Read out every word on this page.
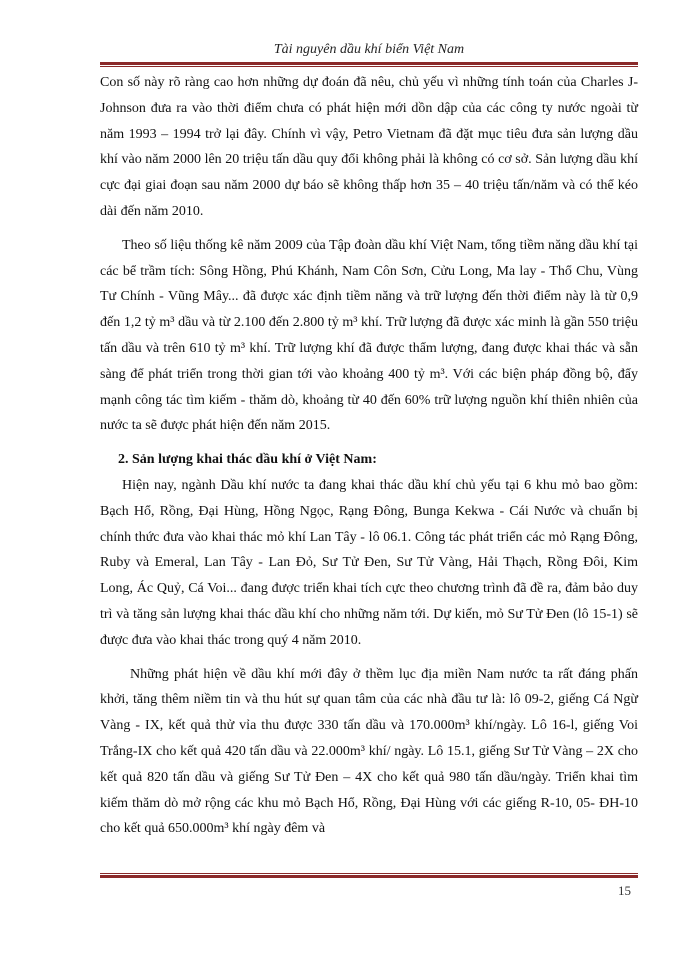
Tài nguyên dầu khí biển Việt Nam

Con số này rõ ràng cao hơn những dự đoán đã nêu, chủ yếu vì những tính toán của Charles J-Johnson đưa ra vào thời điểm chưa có phát hiện mới dồn dập của các công ty nước ngoài từ năm 1993 – 1994 trở lại đây. Chính vì vậy, Petro Vietnam đã đặt mục tiêu đưa sản lượng dầu khí vào năm 2000 lên 20 triệu tấn dầu quy đổi không phải là không có cơ sở. Sản lượng dầu khí cực đại giai đoạn sau năm 2000 dự báo sẽ không thấp hơn 35 – 40 triệu tấn/năm và có thể kéo dài đến năm 2010.

Theo số liệu thống kê năm 2009 của Tập đoàn dầu khí Việt Nam, tổng tiềm năng dầu khí tại các bể trầm tích: Sông Hồng, Phú Khánh, Nam Côn Sơn, Cửu Long, Ma lay - Thổ Chu, Vùng Tư Chính - Vũng Mây... đã được xác định tiềm năng và trữ lượng đến thời điểm này là từ 0,9 đến 1,2 tỷ m³ dầu và từ 2.100 đến 2.800 tỷ m³ khí. Trữ lượng đã được xác minh là gần 550 triệu tấn dầu và trên 610 tỷ m³ khí. Trữ lượng khí đã được thẩm lượng, đang được khai thác và sẵn sàng để phát triển trong thời gian tới vào khoảng 400 tỷ m³. Với các biện pháp đồng bộ, đẩy mạnh công tác tìm kiếm - thăm dò, khoảng từ 40 đến 60% trữ lượng nguồn khí thiên nhiên của nước ta sẽ được phát hiện đến năm 2015.

2. Sản lượng khai thác dầu khí ở Việt Nam:

Hiện nay, ngành Dầu khí nước ta đang khai thác dầu khí chủ yếu tại 6 khu mỏ bao gồm: Bạch Hổ, Rồng, Đại Hùng, Hồng Ngọc, Rạng Đông, Bunga Kekwa - Cái Nước và chuẩn bị chính thức đưa vào khai thác mỏ khí Lan Tây - lô 06.1. Công tác phát triển các mỏ Rạng Đông, Ruby và Emeral, Lan Tây - Lan Đỏ, Sư Tử Đen, Sư Tử Vàng, Hải Thạch, Rồng Đôi, Kim Long, Ác Quỷ, Cá Voi... đang được triển khai tích cực theo chương trình đã đề ra, đảm bảo duy trì và tăng sản lượng khai thác dầu khí cho những năm tới. Dự kiến, mỏ Sư Tử Đen (lô 15-1) sẽ được đưa vào khai thác trong quý 4 năm 2010.

Những phát hiện về dầu khí mới đây ở thềm lục địa miền Nam nước ta rất đáng phấn khởi, tăng thêm niềm tin và thu hút sự quan tâm của các nhà đầu tư là: lô 09-2, giếng Cá Ngừ Vàng - IX, kết quả thử vỉa thu được 330 tấn dầu và 170.000m³ khí/ngày. Lô 16-l, giếng Voi Trắng-IX cho kết quả 420 tấn dầu và 22.000m³ khí/ ngày. Lô 15.1, giếng Sư Tử Vàng – 2X cho kết quả 820 tấn dầu và giếng Sư Tử Đen – 4X cho kết quả 980 tấn dầu/ngày. Triển khai tìm kiếm thăm dò mở rộng các khu mỏ Bạch Hổ, Rồng, Đại Hùng với các giếng R-10, 05- ĐH-10 cho kết quả 650.000m³ khí ngày đêm và

15
